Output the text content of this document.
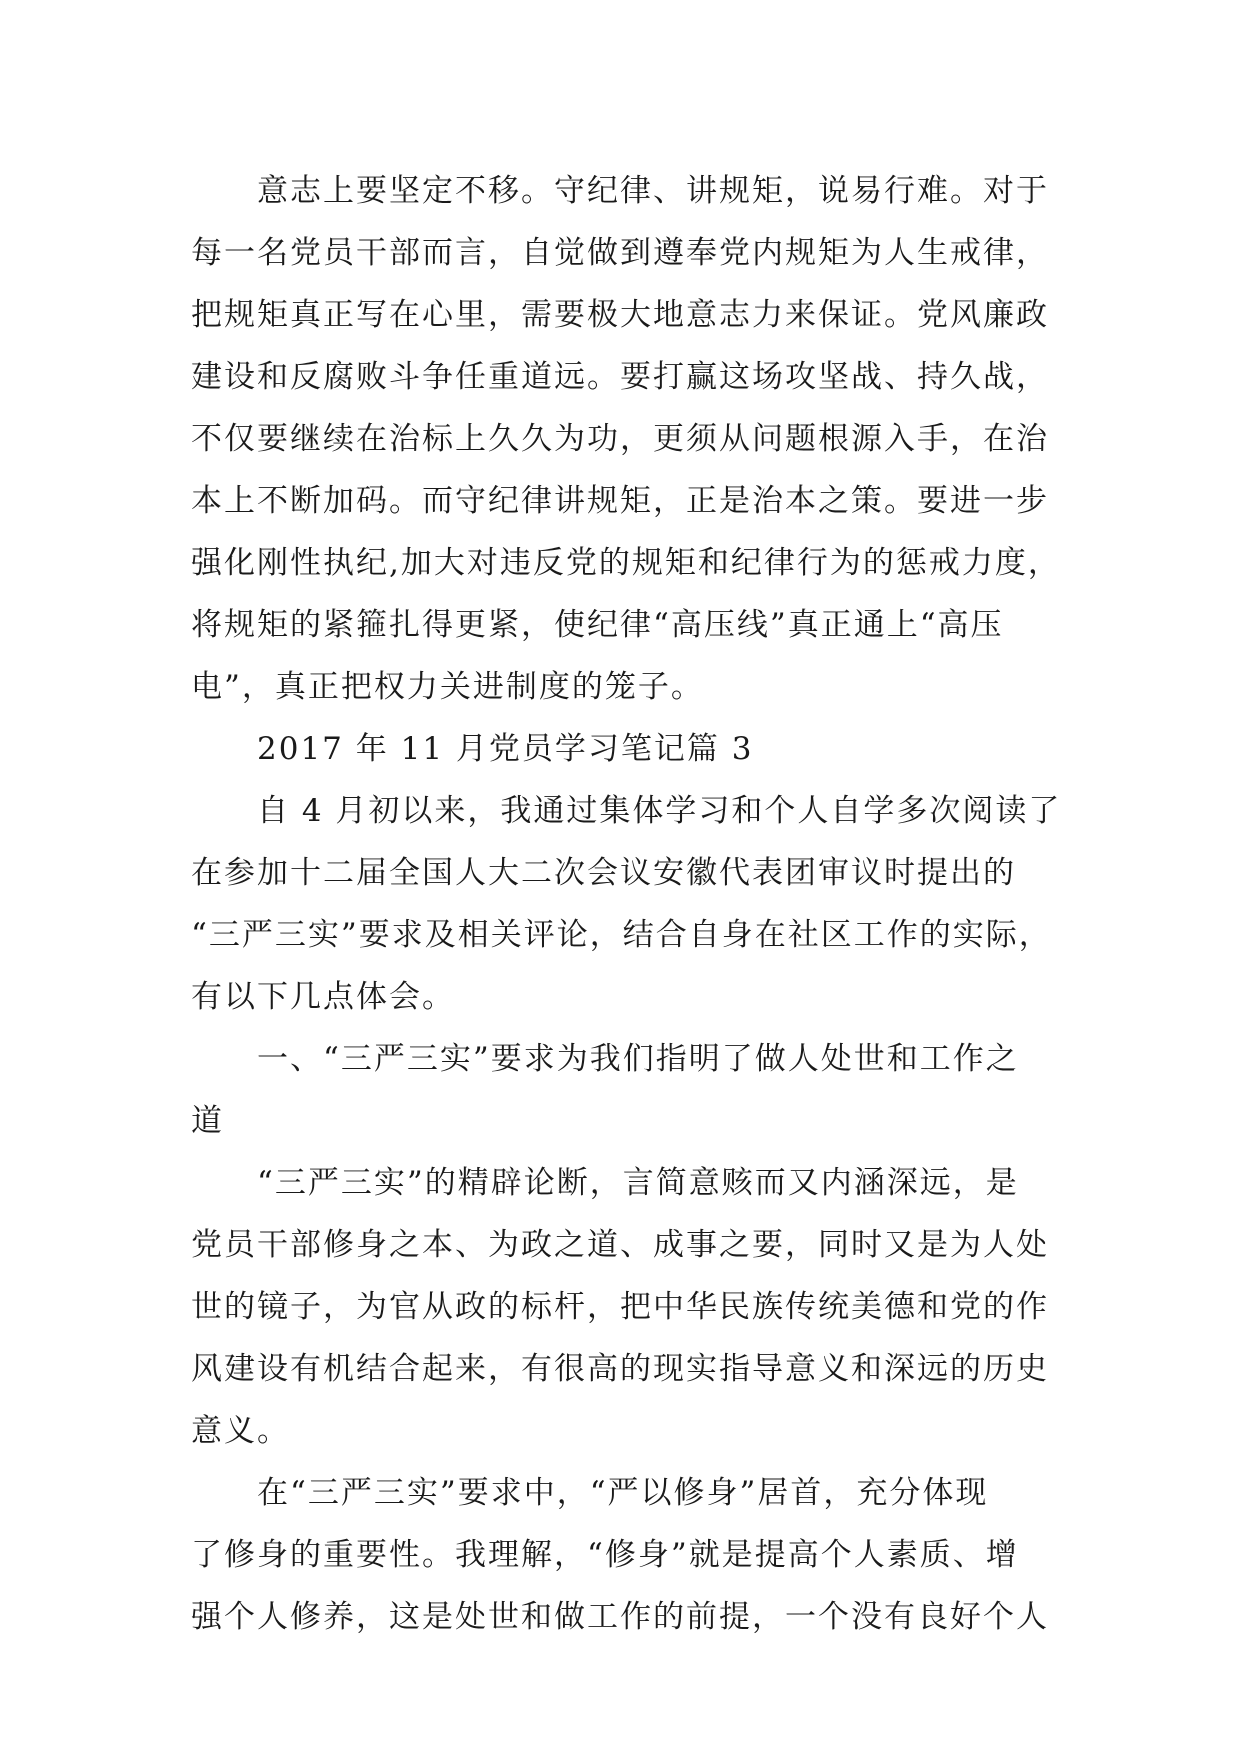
意志上要坚定不移。守纪律、讲规矩，说易行难。对于
每一名党员干部而言，自觉做到遵奉党内规矩为人生戒律，
把规矩真正写在心里，需要极大地意志力来保证。党风廉政
建设和反腐败斗争任重道远。要打赢这场攻坚战、持久战，
不仅要继续在治标上久久为功，更须从问题根源入手，在治
本上不断加码。而守纪律讲规矩，正是治本之策。要进一步
强化刚性执纪,加大对违反党的规矩和纪律行为的惩戒力度，
将规矩的紧箍扎得更紧，使纪律“高压线”真正通上“高压
电”，真正把权力关进制度的笼子。
2017 年 11 月党员学习笔记篇 3
自 4 月初以来，我通过集体学习和个人自学多次阅读了
在参加十二届全国人大二次会议安徽代表团审议时提出的
“三严三实”要求及相关评论，结合自身在社区工作的实际，
有以下几点体会。
一、“三严三实”要求为我们指明了做人处世和工作之
道
“三严三实”的精辟论断，言简意赅而又内涵深远，是
党员干部修身之本、为政之道、成事之要，同时又是为人处
世的镜子，为官从政的标杆，把中华民族传统美德和党的作
风建设有机结合起来，有很高的现实指导意义和深远的历史
意义。
在“三严三实”要求中，“严以修身”居首，充分体现
了修身的重要性。我理解，“修身”就是提高个人素质、增
强个人修养，这是处世和做工作的前提，一个没有良好个人
